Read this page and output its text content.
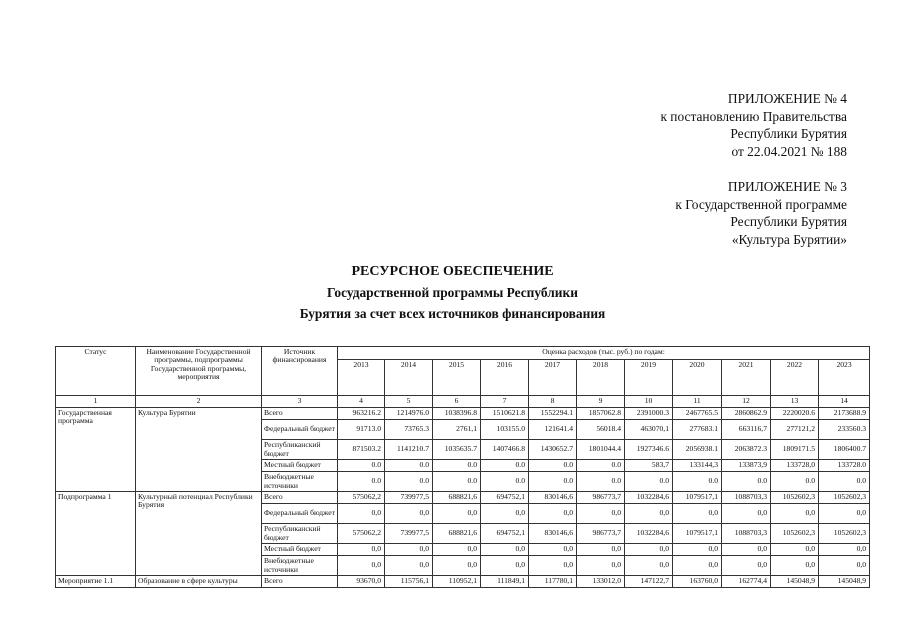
ПРИЛОЖЕНИЕ № 4
к постановлению Правительства
Республики Бурятия
от 22.04.2021 № 188
ПРИЛОЖЕНИЕ № 3
к Государственной программе
Республики Бурятия
«Культура Бурятии»
РЕСУРСНОЕ ОБЕСПЕЧЕНИЕ
Государственной программы Республики
Бурятия за счет всех источников финансирования
Статус	Наименование Государственной программы, подпрограммы Государственной программы, мероприятия	Источник финансирования	Оценка расходов (тыс. руб.) по годам:										
			2013	2014	2015	2016	2017	2018	2019	2020	2021	2022	2023
1	2	3	4	5	6	7	8	9	10	11	12	13	14
Государственная программа	Культура Бурятии	Всего	963216.2	1214976.0	1038396.8	1510621.8	1552294.1	1857062.8	2391000.3	2467765.5	2860862.9	2220020.6	2173688.9
		Федеральный бюджет	91713.0	73765.3	2761,1	103155.0	121641.4	56018.4	463070,1	277683.1	663116,7	277121,2	233560.3
		Республиканский бюджет	871503.2	1141210.7	1035635.7	1407466.8	1430652.7	1801044.4	1927346.6	2056938.1	2063872.3	1809171.5	1806400.7
		Местный бюджет	0.0	0.0	0.0	0.0	0.0	0.0	583,7	133144,3	133873,9	133728,0	133728.0
		Внебюджетные источники	0.0	0.0	0.0	0.0	0.0	0.0	0.0	0.0	0.0	0.0	0.0
Подпрограмма 1	Культурный потенциал Республики Бурятия	Всего	575062,2	739977,5	688821,6	694752,1	830146,6	986773,7	1032284,6	1079517,1	1088703,3	1052602,3	1052602,3
		Федеральный бюджет	0,0	0,0	0,0	0,0	0,0	0,0	0,0	0,0	0,0	0,0	0,0
		Республиканский бюджет	575062,2	739977,5	688821,6	694752,1	830146,6	986773,7	1032284,6	1079517,1	1088703,3	1052602,3	1052602,3
		Местный бюджет	0,0	0,0	0,0	0,0	0,0	0,0	0,0	0,0	0,0	0,0	0,0
		Внебюджетные источники	0,0	0,0	0,0	0,0	0,0	0,0	0,0	0,0	0,0	0,0	0,0
Мероприятие 1.1	Образование в сфере культуры	Всего	93670,0	115756,1	110952,1	111849,1	117780,1	133012,0	147122,7	163760,0	162774,4	145048,9	145048,9
